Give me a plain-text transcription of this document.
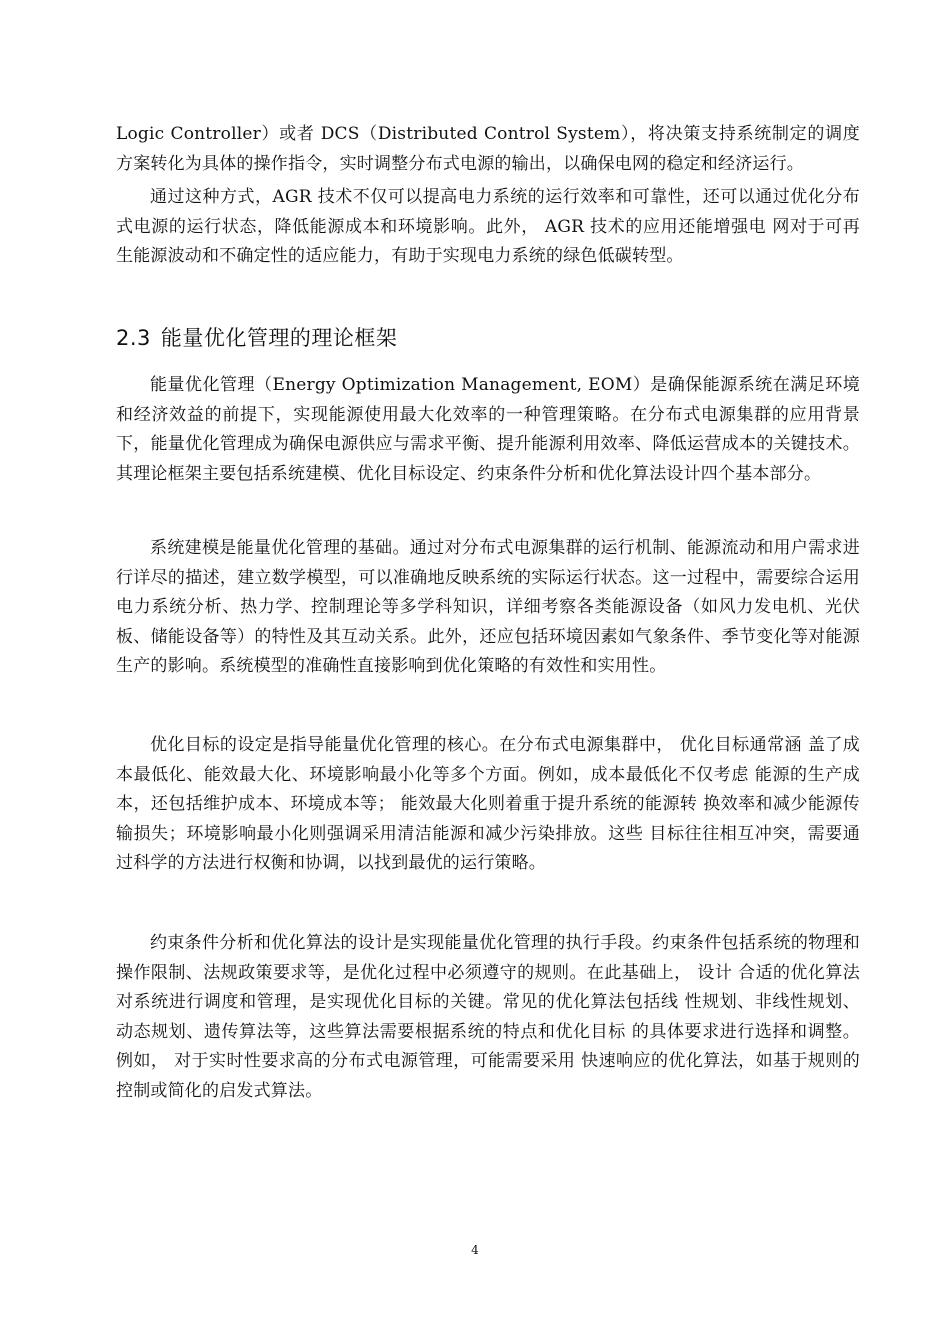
Logic Controller）或者 DCS（Distributed Control System），将决策支持系统制定的调度方案转化为具体的操作指令，实时调整分布式电源的输出，以确保电网的稳定和经济运行。

通过这种方式，AGR 技术不仅可以提高电力系统的运行效率和可靠性，还可以通过优化分布式电源的运行状态，降低能源成本和环境影响。此外， AGR 技术的应用还能增强电 网对于可再生能源波动和不确定性的适应能力，有助于实现电力系统的绿色低碳转型。

2.3 能量优化管理的理论框架

能量优化管理（Energy Optimization Management, EOM）是确保能源系统在满足环境和经济效益的前提下，实现能源使用最大化效率的一种管理策略。在分布式电源集群的应用背景下，能量优化管理成为确保电源供应与需求平衡、提升能源利用效率、降低运营成本的关键技术。其理论框架主要包括系统建模、优化目标设定、约束条件分析和优化算法设计四个基本部分。

系统建模是能量优化管理的基础。通过对分布式电源集群的运行机制、能源流动和用户需求进行详尽的描述，建立数学模型，可以准确地反映系统的实际运行状态。这一过程中，需要综合运用电力系统分析、热力学、控制理论等多学科知识，详细考察各类能源设备（如风力发电机、光伏板、储能设备等）的特性及其互动关系。此外，还应包括环境因素如气象条件、季节变化等对能源生产的影响。系统模型的准确性直接影响到优化策略的有效性和实用性。

优化目标的设定是指导能量优化管理的核心。在分布式电源集群中， 优化目标通常涵 盖了成本最低化、能效最大化、环境影响最小化等多个方面。例如，成本最低化不仅考虑 能源的生产成本，还包括维护成本、环境成本等； 能效最大化则着重于提升系统的能源转 换效率和减少能源传输损失；环境影响最小化则强调采用清洁能源和减少污染排放。这些 目标往往相互冲突，需要通过科学的方法进行权衡和协调，以找到最优的运行策略。

约束条件分析和优化算法的设计是实现能量优化管理的执行手段。约束条件包括系统的物理和操作限制、法规政策要求等，是优化过程中必须遵守的规则。在此基础上， 设计 合适的优化算法对系统进行调度和管理，是实现优化目标的关键。常见的优化算法包括线 性规划、非线性规划、动态规划、遗传算法等，这些算法需要根据系统的特点和优化目标 的具体要求进行选择和调整。例如， 对于实时性要求高的分布式电源管理，可能需要采用 快速响应的优化算法，如基于规则的控制或简化的启发式算法。

4
